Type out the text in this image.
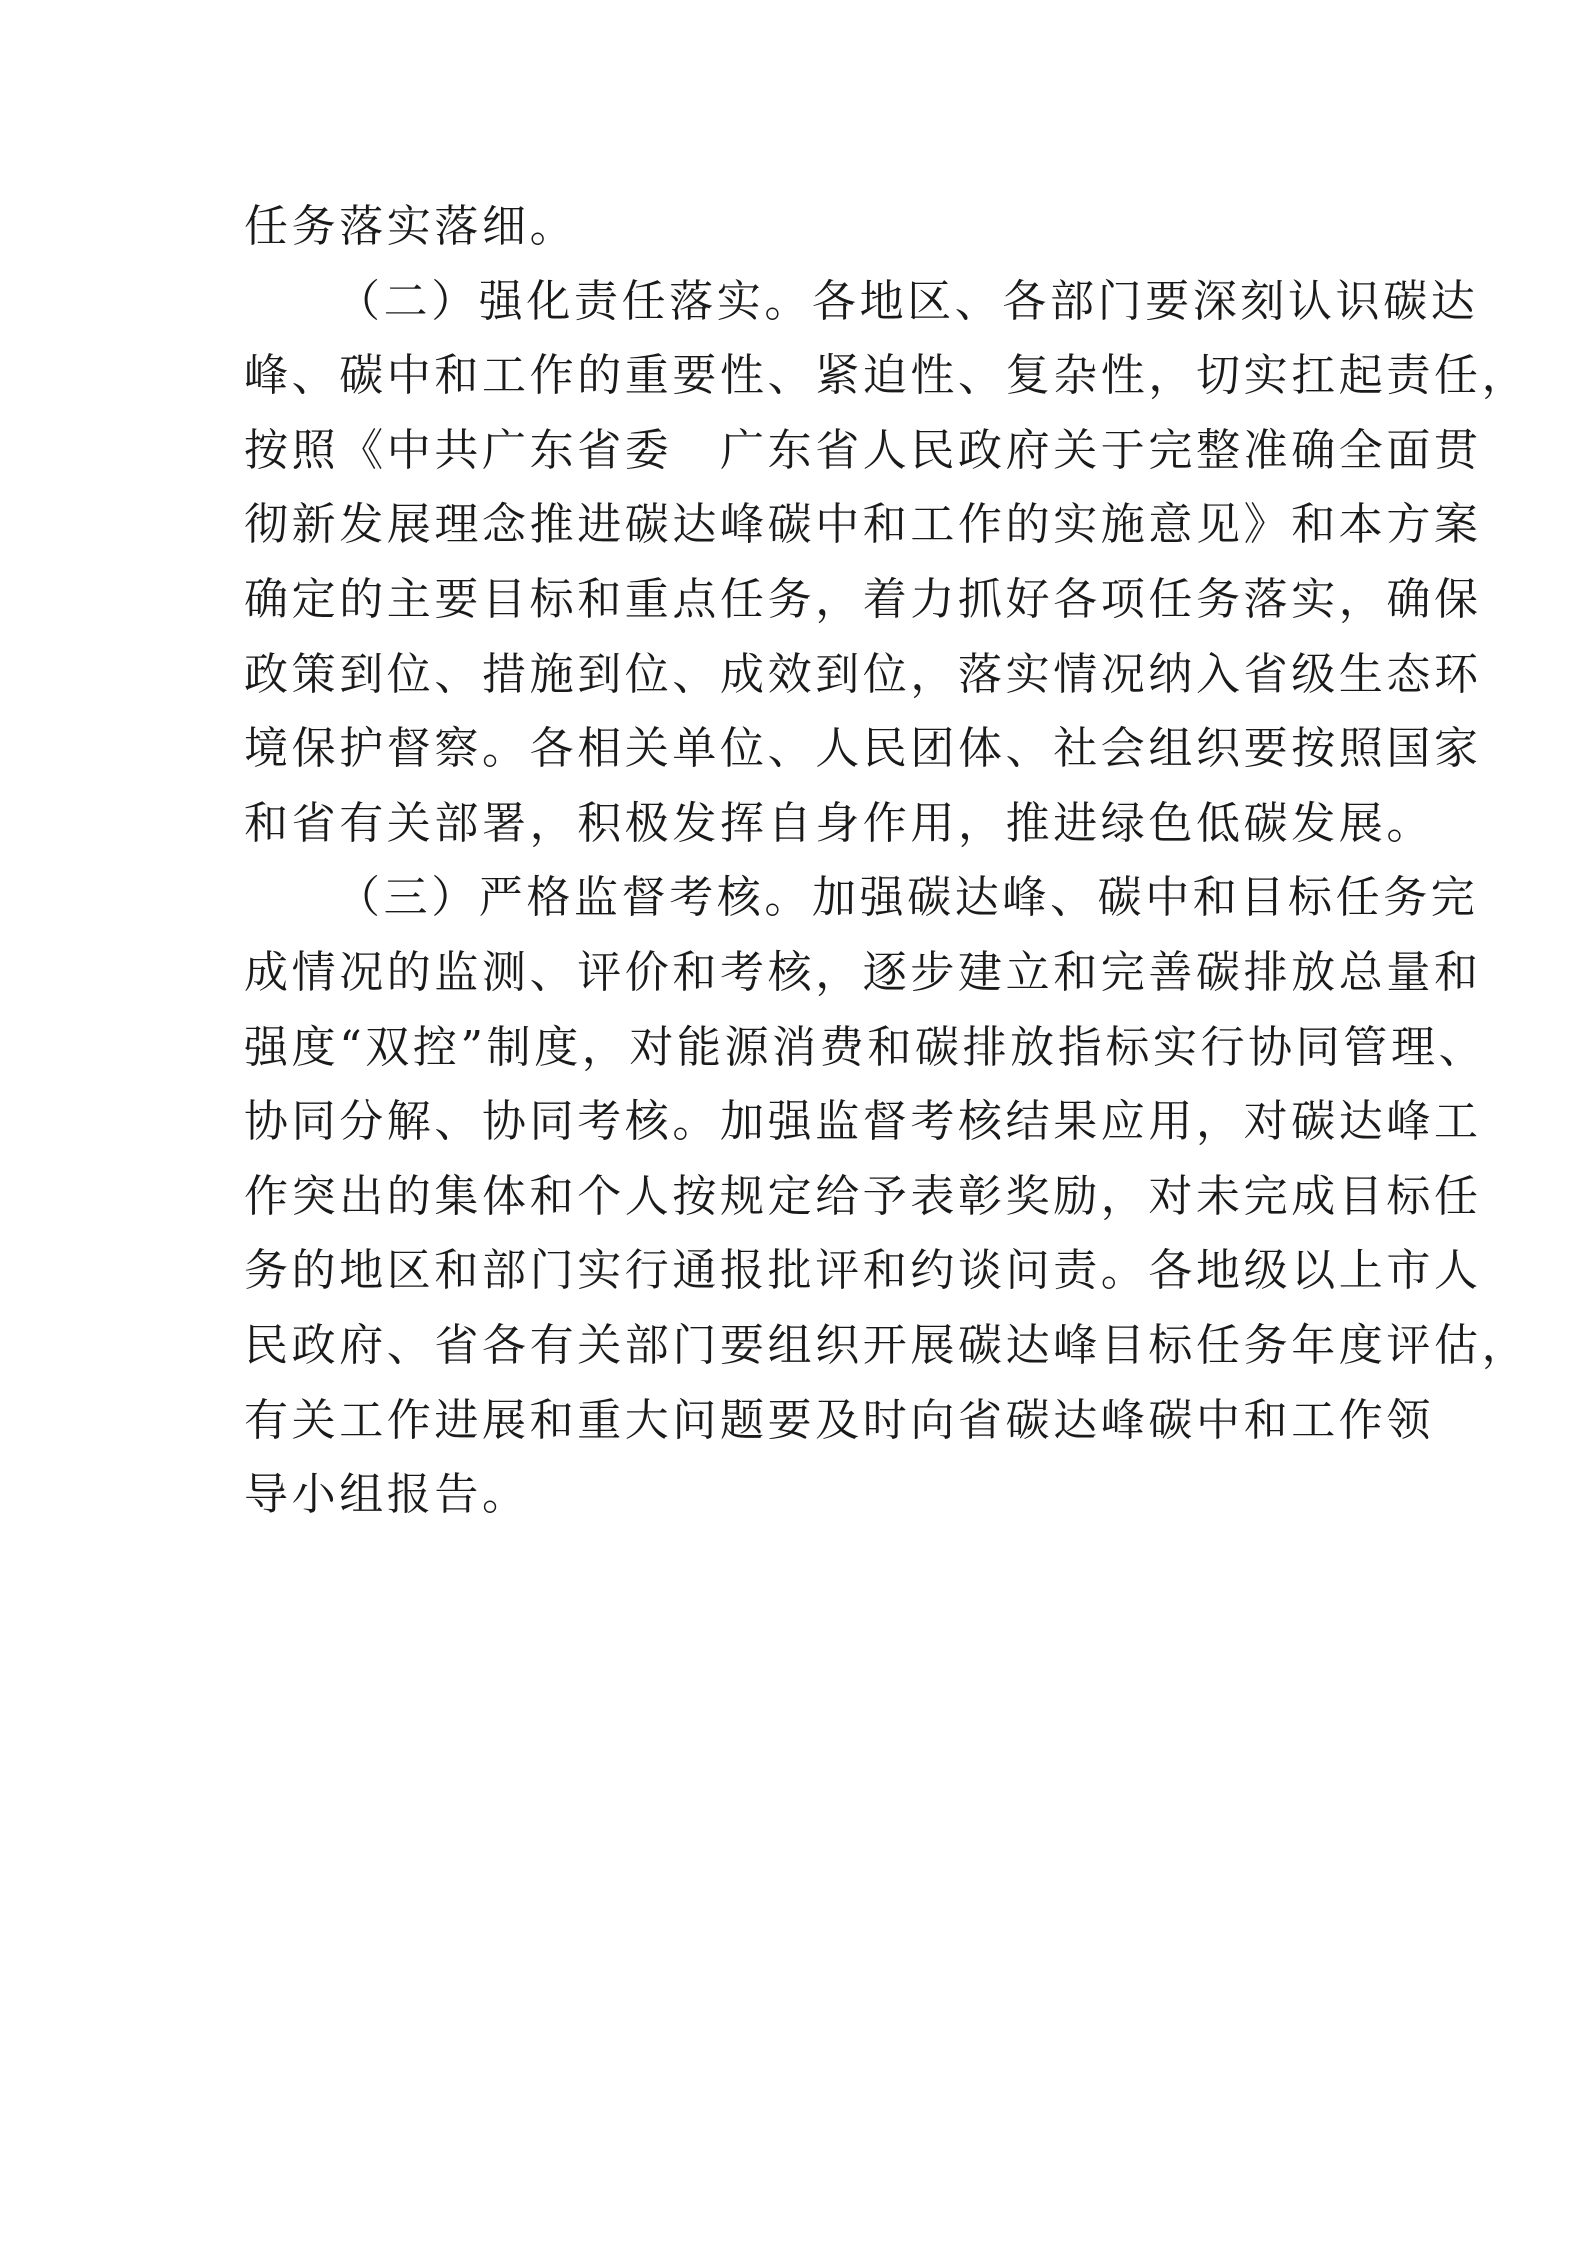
任务落实落细。
（二）强化责任落实。各地区、各部门要深刻认识碳达
峰、碳中和工作的重要性、紧迫性、复杂性，切实扛起责任，
按照《中共广东省委　广东省人民政府关于完整准确全面贯
彻新发展理念推进碳达峰碳中和工作的实施意见》和本方案
确定的主要目标和重点任务，着力抓好各项任务落实，确保
政策到位、措施到位、成效到位，落实情况纳入省级生态环
境保护督察。各相关单位、人民团体、社会组织要按照国家
和省有关部署，积极发挥自身作用，推进绿色低碳发展。
（三）严格监督考核。加强碳达峰、碳中和目标任务完
成情况的监测、评价和考核，逐步建立和完善碳排放总量和
强度“双控”制度，对能源消费和碳排放指标实行协同管理、
协同分解、协同考核。加强监督考核结果应用，对碳达峰工
作突出的集体和个人按规定给予表彰奖励，对未完成目标任
务的地区和部门实行通报批评和约谈问责。各地级以上市人
民政府、省各有关部门要组织开展碳达峰目标任务年度评估，
有关工作进展和重大问题要及时向省碳达峰碳中和工作领
导小组报告。
